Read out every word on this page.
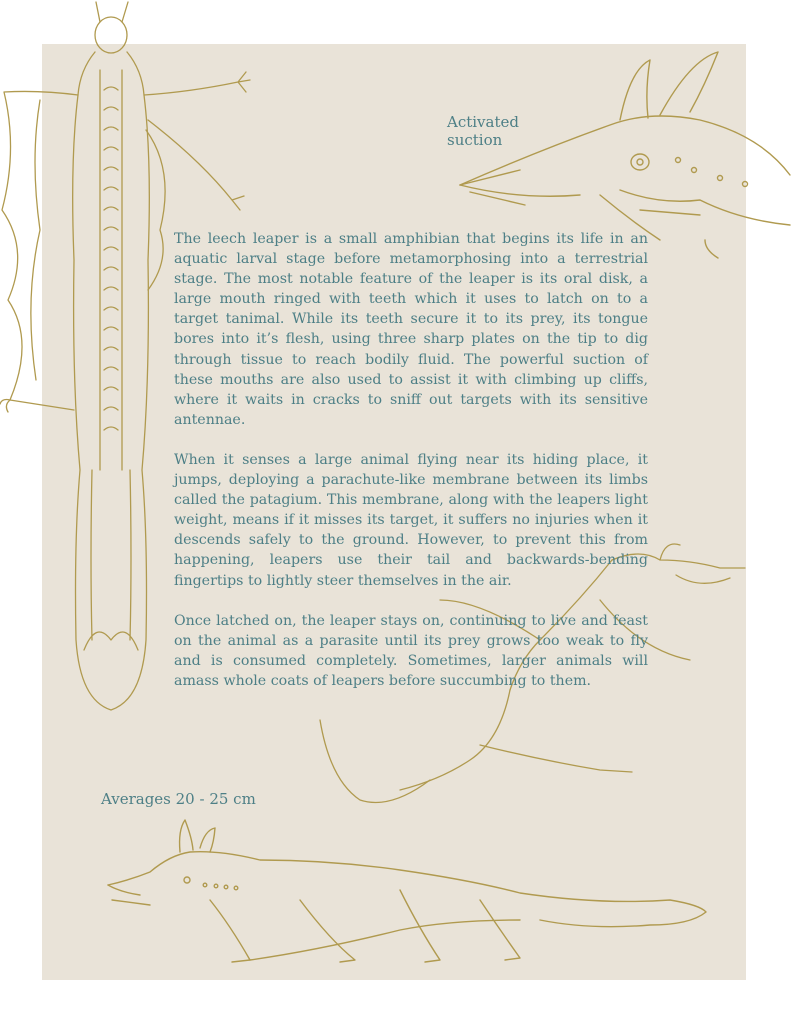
Activated suction

The leech leaper is a small amphibian that begins its life in an aquatic larval stage before metamorphosing into a terrestrial stage. The most notable feature of the leaper is its oral disk, a large mouth ringed with teeth which it uses to latch on to a target tanimal. While its teeth secure it to its prey, its tongue bores into it’s flesh, using three sharp plates on the tip to dig through tissue to reach bodily fluid. The powerful suction of these mouths are also used to assist it with climbing up cliffs, where it waits in cracks to sniff out targets with its sensitive antennae.

When it senses a large animal flying near its hiding place, it jumps, deploying a parachute-like membrane between its limbs called the patagium. This membrane, along with the leapers light weight, means if it misses its target, it suffers no injuries when it descends safely to the ground. However, to prevent this from happening, leapers use their tail and backwards-bending fingertips to lightly steer themselves in the air.

Once latched on, the leaper stays on, continuing to live and feast on the animal as a parasite until its prey grows too weak to fly and is consumed completely. Sometimes, larger animals will amass whole coats of leapers before succumbing to them.

Averages 20 - 25 cm
